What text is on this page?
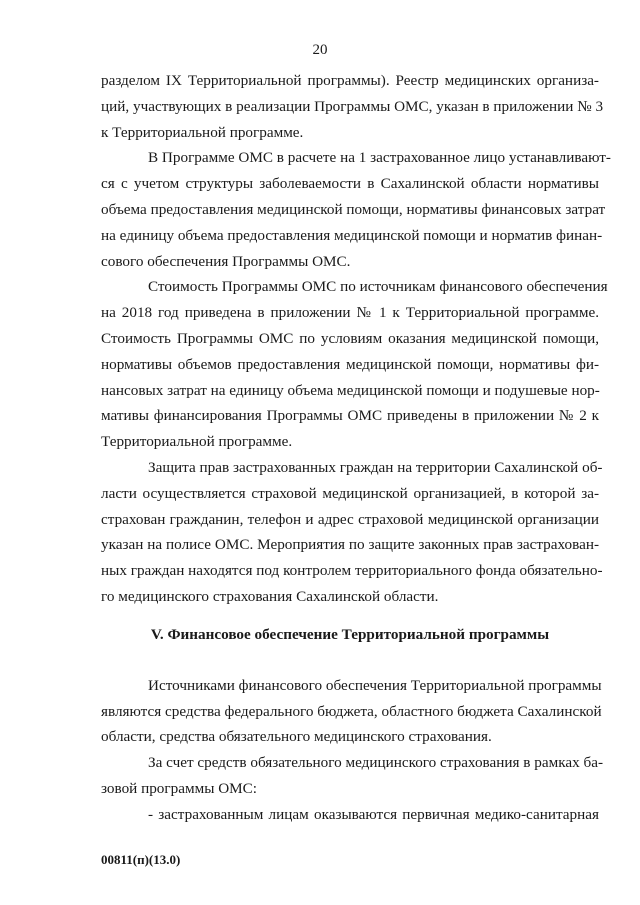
20
разделом IX Территориальной программы). Реестр медицинских организа-
ций, участвующих в реализации Программы ОМС, указан в приложении № 3
к Территориальной программе.
В Программе ОМС в расчете на 1 застрахованное лицо устанавливают-
ся с учетом структуры заболеваемости в Сахалинской области нормативы
объема предоставления медицинской помощи, нормативы финансовых затрат
на единицу объема предоставления медицинской помощи и норматив финан-
сового обеспечения Программы ОМС.
Стоимость Программы ОМС по источникам финансового обеспечения
на 2018 год приведена в приложении № 1 к Территориальной программе.
Стоимость Программы ОМС по условиям оказания медицинской помощи,
нормативы объемов предоставления медицинской помощи, нормативы фи-
нансовых затрат на единицу объема медицинской помощи и подушевые нор-
мативы финансирования Программы ОМС приведены в приложении № 2 к
Территориальной программе.
Защита прав застрахованных граждан на территории Сахалинской об-
ласти осуществляется страховой медицинской организацией, в которой за-
страхован гражданин, телефон и адрес страховой медицинской организации
указан на полисе ОМС. Мероприятия по защите законных прав застрахован-
ных граждан находятся под контролем территориального фонда обязательно-
го медицинского страхования Сахалинской области.
V. Финансовое обеспечение Территориальной программы
Источниками финансового обеспечения Территориальной программы
являются средства федерального бюджета, областного бюджета Сахалинской
области, средства обязательного медицинского страхования.
За счет средств обязательного медицинского страхования в рамках ба-
зовой программы ОМС:
- застрахованным лицам оказываются первичная медико-санитарная
00811(п)(13.0)
